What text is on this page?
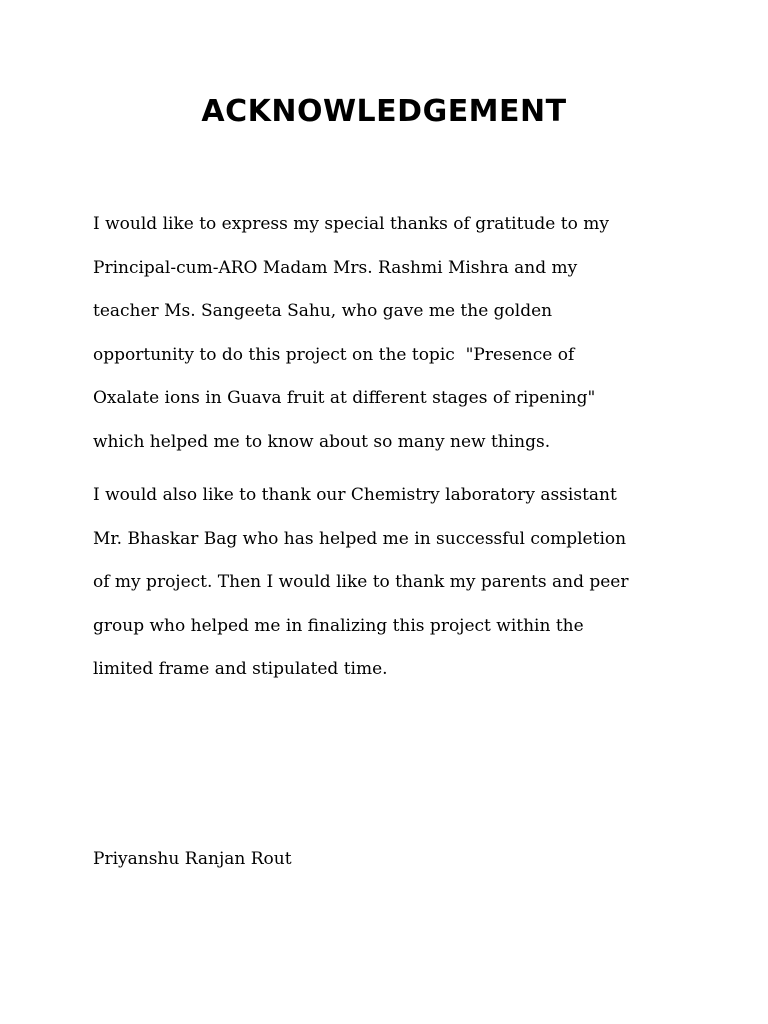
ACKNOWLEDGEMENT
I would like to express my special thanks of gratitude to my
Principal-cum-ARO Madam Mrs. Rashmi Mishra and my
teacher Ms. Sangeeta Sahu, who gave me the golden
opportunity to do this project on the topic  "Presence of
Oxalate ions in Guava fruit at different stages of ripening"
which helped me to know about so many new things.
I would also like to thank our Chemistry laboratory assistant
Mr. Bhaskar Bag who has helped me in successful completion
of my project. Then I would like to thank my parents and peer
group who helped me in finalizing this project within the
limited frame and stipulated time.

Priyanshu Ranjan Rout
